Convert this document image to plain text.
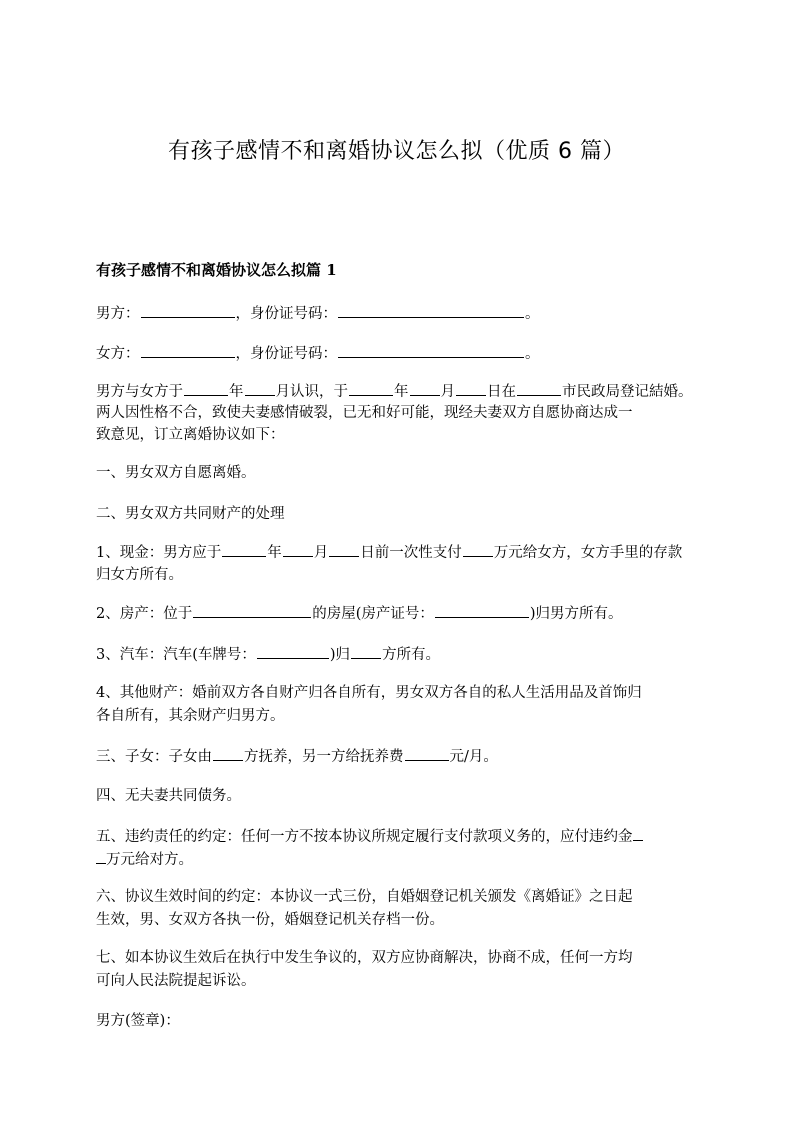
有孩子感情不和离婚协议怎么拟（优质 6 篇）
有孩子感情不和离婚协议怎么拟篇 1
男方：	，身份证号码：	。
女方：	，身份证号码：	。
男方与女方于	年 月认识，于	年 月 日在	市民政局登记結婚。
两人因性格不合，致使夫妻感情破裂，已无和好可能，现经夫妻双方自愿协商达成一
致意见，订立离婚协议如下：
一、男女双方自愿离婚。
二、男女双方共同财产的处理
1、现金：男方应于	年 月 日前一次性支付 万元给女方，女方手里的存款
归女方所有。
2、房产：位于	的房屋(房产证号：	)归男方所有。
3、汽车：汽车(车牌号：	)归 方所有。
4、其他财产：婚前双方各自财产归各自所有，男女双方各自的私人生活用品及首饰归
各自所有，其余财产归男方。
三、子女：子女由 方抚养，另一方给抚养费	元/月。
四、无夫妻共同债务。
五、违约责任的约定：任何一方不按本协议所规定履行支付款项义务的，应付违约金
万元给对方。
六、协议生效时间的约定：本协议一式三份，自婚姻登记机关颁发《离婚证》之日起
生效，男、女双方各执一份，婚姻登记机关存档一份。
七、如本协议生效后在执行中发生争议的，双方应协商解决，协商不成，任何一方均
可向人民法院提起诉讼。
男方(签章)：
